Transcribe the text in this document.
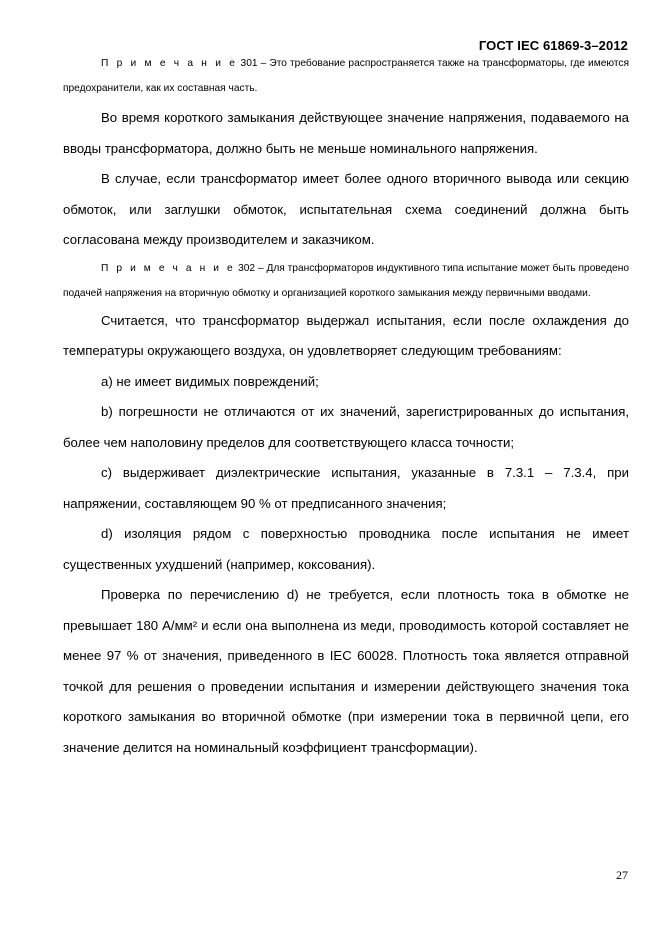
ГОСТ IEC 61869-3–2012

П р и м е ч а н и е 301 – Это требование распространяется также на трансформаторы, где имеются предохранители, как их составная часть.

Во время короткого замыкания действующее значение напряжения, подаваемого на вводы трансформатора, должно быть не меньше номинального напряжения.

В случае, если трансформатор имеет более одного вторичного вывода или секцию обмоток, или заглушки обмоток, испытательная схема соединений должна быть согласована между производителем и заказчиком.

П р и м е ч а н и е 302 – Для трансформаторов индуктивного типа испытание может быть проведено подачей напряжения на вторичную обмотку и организацией короткого замыкания между первичными вводами.

Считается, что трансформатор выдержал испытания, если после охлаждения до температуры окружающего воздуха, он удовлетворяет следующим требованиям:

a) не имеет видимых повреждений;

b) погрешности не отличаются от их значений, зарегистрированных до испытания, более чем наполовину пределов для соответствующего класса точности;

c) выдерживает диэлектрические испытания, указанные в 7.3.1 – 7.3.4, при напряжении, составляющем 90 % от предписанного значения;

d) изоляция рядом с поверхностью проводника после испытания не имеет существенных ухудшений (например, коксования).

Проверка по перечислению d) не требуется, если плотность тока в обмотке не превышает 180 А/мм² и если она выполнена из меди, проводимость которой составляет не менее 97 % от значения, приведенного в IEC 60028. Плотность тока является отправной точкой для решения о проведении испытания и измерении действующего значения тока короткого замыкания во вторичной обмотке (при измерении тока в первичной цепи, его значение делится на номинальный коэффициент трансформации).

27
